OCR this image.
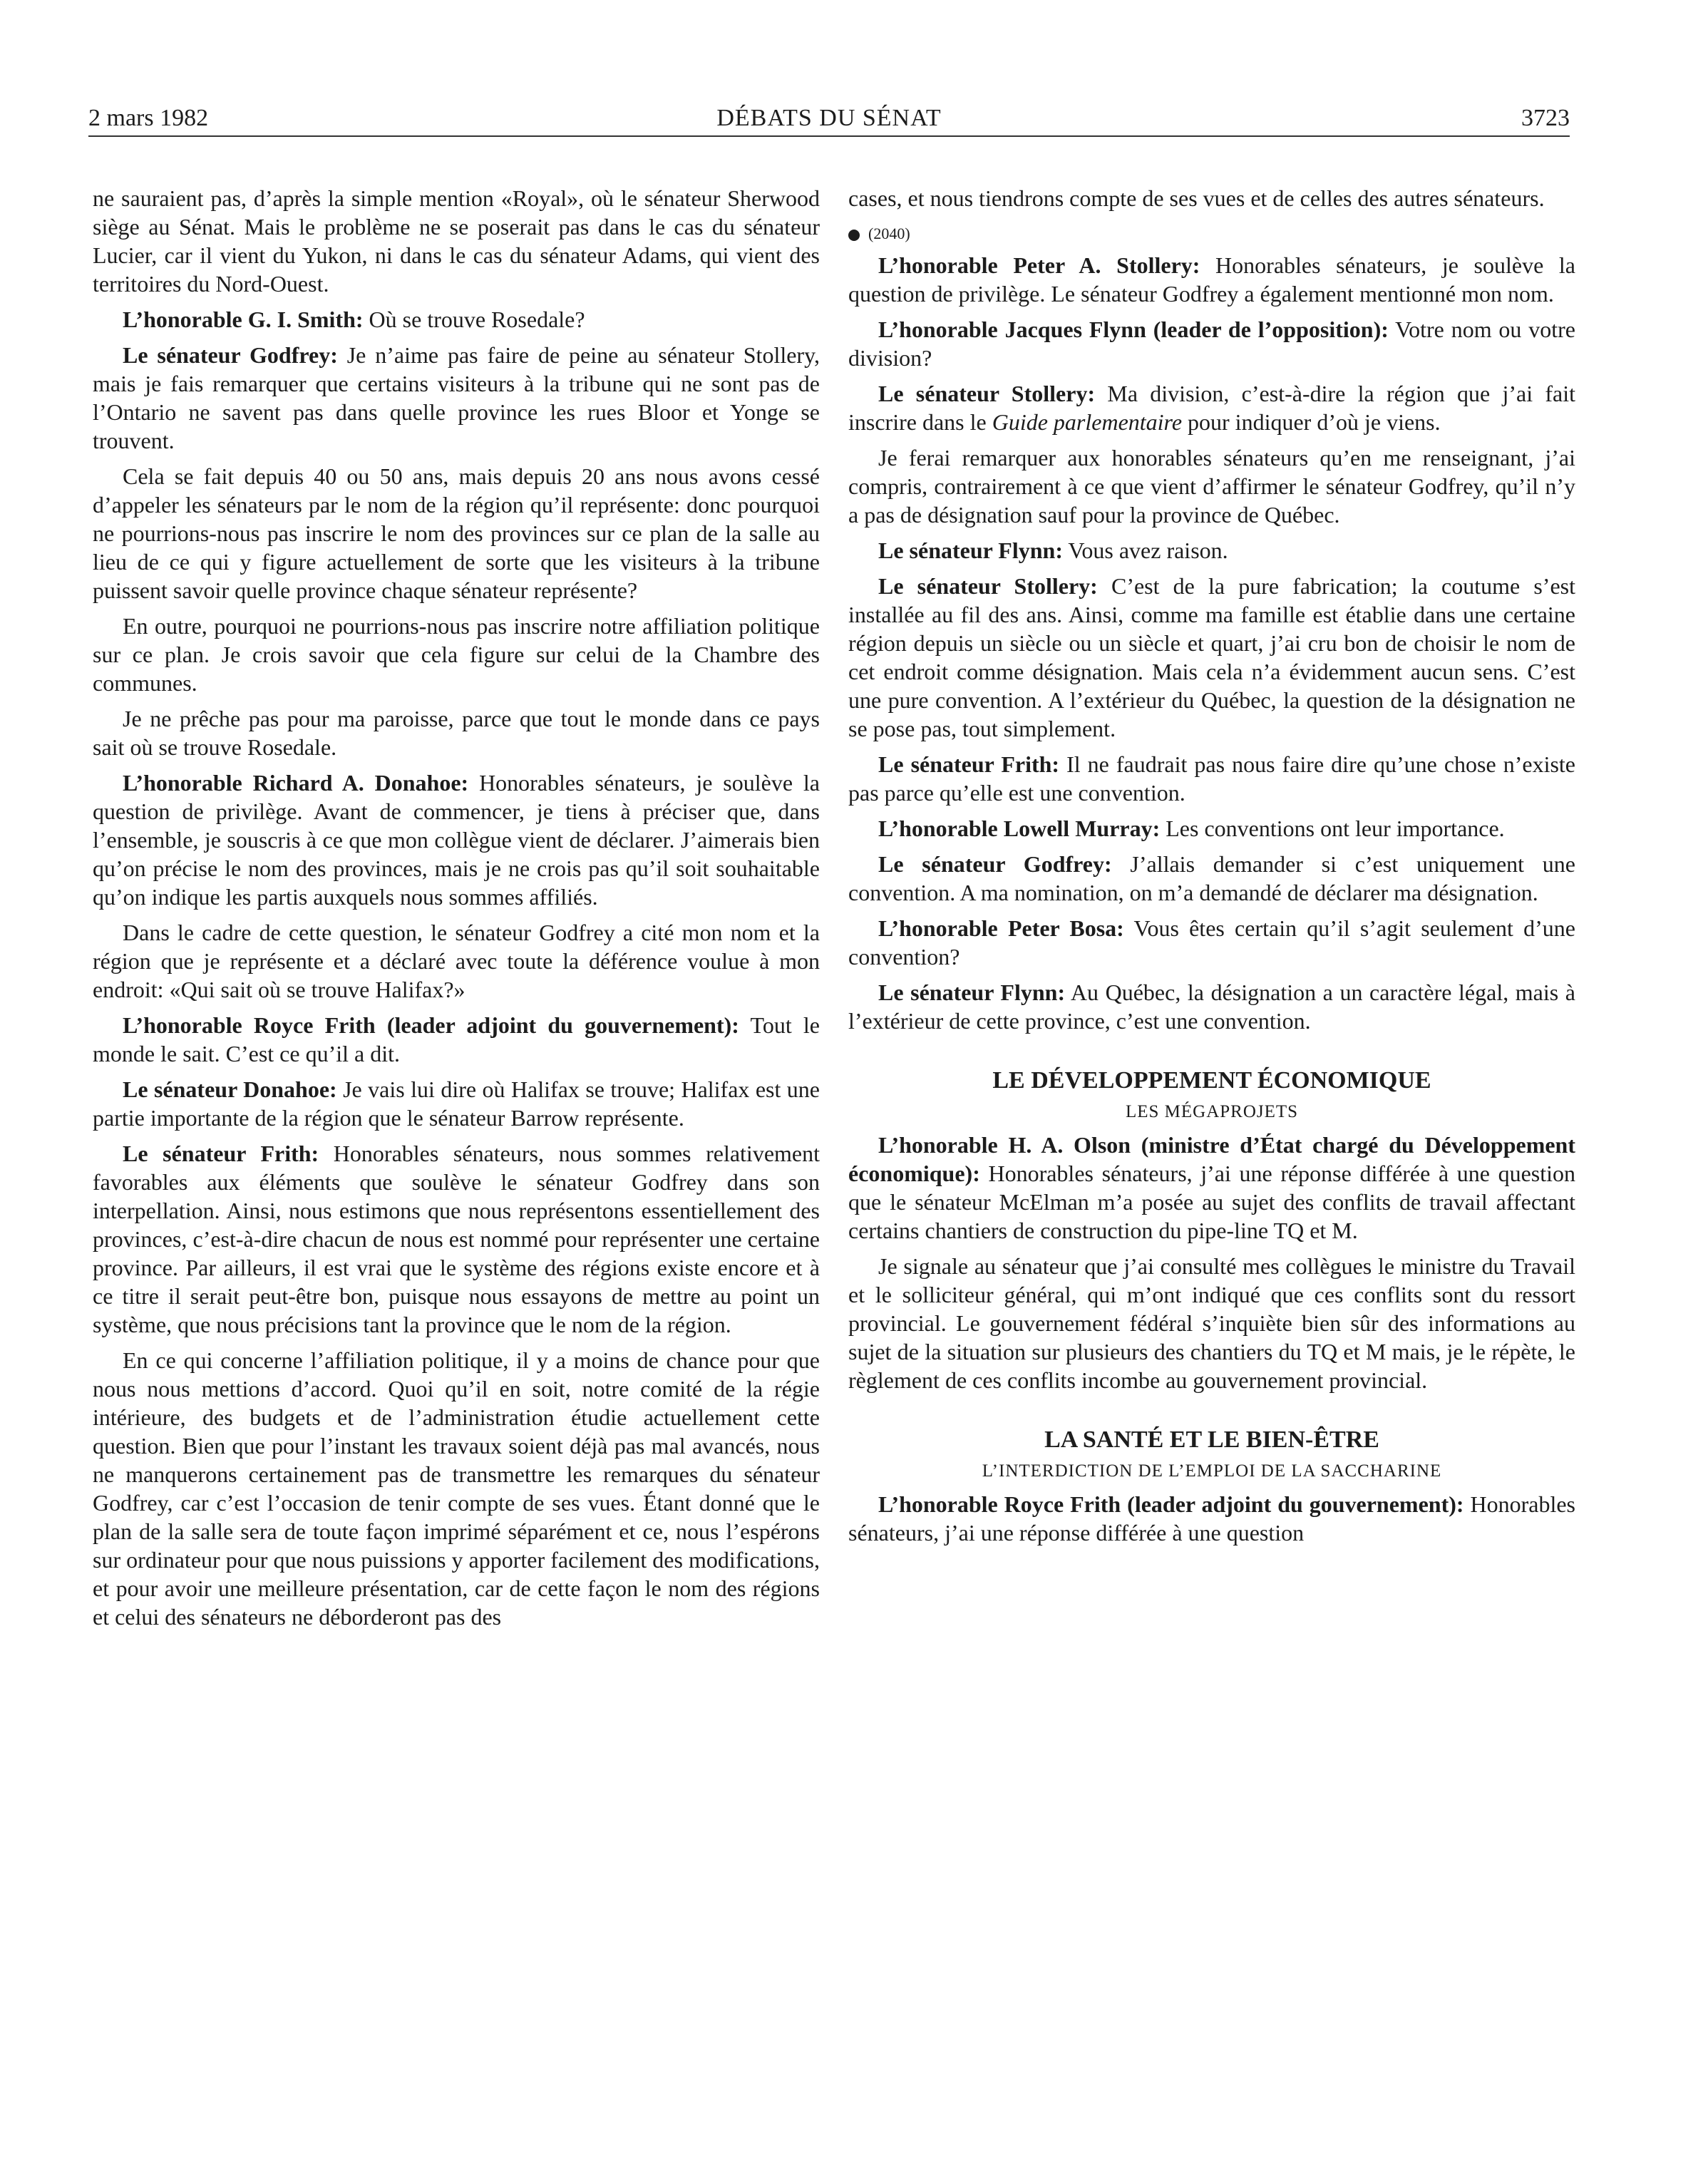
2 mars 1982	DÉBATS DU SÉNAT	3723

ne sauraient pas, d’après la simple mention «Royal», où le sénateur Sherwood siège au Sénat. Mais le problème ne se poserait pas dans le cas du sénateur Lucier, car il vient du Yukon, ni dans le cas du sénateur Adams, qui vient des territoires du Nord-Ouest.

L’honorable G. I. Smith: Où se trouve Rosedale?

Le sénateur Godfrey: Je n’aime pas faire de peine au sénateur Stollery, mais je fais remarquer que certains visiteurs à la tribune qui ne sont pas de l’Ontario ne savent pas dans quelle province les rues Bloor et Yonge se trouvent.

Cela se fait depuis 40 ou 50 ans, mais depuis 20 ans nous avons cessé d’appeler les sénateurs par le nom de la région qu’il représente: donc pourquoi ne pourrions-nous pas inscrire le nom des provinces sur ce plan de la salle au lieu de ce qui y figure actuellement de sorte que les visiteurs à la tribune puissent savoir quelle province chaque sénateur représente?

En outre, pourquoi ne pourrions-nous pas inscrire notre affiliation politique sur ce plan. Je crois savoir que cela figure sur celui de la Chambre des communes.

Je ne prêche pas pour ma paroisse, parce que tout le monde dans ce pays sait où se trouve Rosedale.

L’honorable Richard A. Donahoe: Honorables sénateurs, je soulève la question de privilège. Avant de commencer, je tiens à préciser que, dans l’ensemble, je souscris à ce que mon collègue vient de déclarer. J’aimerais bien qu’on précise le nom des provinces, mais je ne crois pas qu’il soit souhaitable qu’on indique les partis auxquels nous sommes affiliés.

Dans le cadre de cette question, le sénateur Godfrey a cité mon nom et la région que je représente et a déclaré avec toute la déférence voulue à mon endroit: «Qui sait où se trouve Halifax?»

L’honorable Royce Frith (leader adjoint du gouvernement): Tout le monde le sait. C’est ce qu’il a dit.

Le sénateur Donahoe: Je vais lui dire où Halifax se trouve; Halifax est une partie importante de la région que le sénateur Barrow représente.

Le sénateur Frith: Honorables sénateurs, nous sommes relativement favorables aux éléments que soulève le sénateur Godfrey dans son interpellation. Ainsi, nous estimons que nous représentons essentiellement des provinces, c’est-à-dire chacun de nous est nommé pour représenter une certaine province. Par ailleurs, il est vrai que le système des régions existe encore et à ce titre il serait peut-être bon, puisque nous essayons de mettre au point un système, que nous précisions tant la province que le nom de la région.

En ce qui concerne l’affiliation politique, il y a moins de chance pour que nous nous mettions d’accord. Quoi qu’il en soit, notre comité de la régie intérieure, des budgets et de l’administration étudie actuellement cette question. Bien que pour l’instant les travaux soient déjà pas mal avancés, nous ne manquerons certainement pas de transmettre les remarques du sénateur Godfrey, car c’est l’occasion de tenir compte de ses vues. Étant donné que le plan de la salle sera de toute façon imprimé séparément et ce, nous l’espérons sur ordinateur pour que nous puissions y apporter facilement des modifications, et pour avoir une meilleure présentation, car de cette façon le nom des régions et celui des sénateurs ne déborderont pas des

cases, et nous tiendrons compte de ses vues et de celles des autres sénateurs.

(2040)

L’honorable Peter A. Stollery: Honorables sénateurs, je soulève la question de privilège. Le sénateur Godfrey a également mentionné mon nom.

L’honorable Jacques Flynn (leader de l’opposition): Votre nom ou votre division?

Le sénateur Stollery: Ma division, c’est-à-dire la région que j’ai fait inscrire dans le Guide parlementaire pour indiquer d’où je viens.

Je ferai remarquer aux honorables sénateurs qu’en me renseignant, j’ai compris, contrairement à ce que vient d’affirmer le sénateur Godfrey, qu’il n’y a pas de désignation sauf pour la province de Québec.

Le sénateur Flynn: Vous avez raison.

Le sénateur Stollery: C’est de la pure fabrication; la coutume s’est installée au fil des ans. Ainsi, comme ma famille est établie dans une certaine région depuis un siècle ou un siècle et quart, j’ai cru bon de choisir le nom de cet endroit comme désignation. Mais cela n’a évidemment aucun sens. C’est une pure convention. A l’extérieur du Québec, la question de la désignation ne se pose pas, tout simplement.

Le sénateur Frith: Il ne faudrait pas nous faire dire qu’une chose n’existe pas parce qu’elle est une convention.

L’honorable Lowell Murray: Les conventions ont leur importance.

Le sénateur Godfrey: J’allais demander si c’est uniquement une convention. A ma nomination, on m’a demandé de déclarer ma désignation.

L’honorable Peter Bosa: Vous êtes certain qu’il s’agit seulement d’une convention?

Le sénateur Flynn: Au Québec, la désignation a un caractère légal, mais à l’extérieur de cette province, c’est une convention.

LE DÉVELOPPEMENT ÉCONOMIQUE
LES MÉGAPROJETS

L’honorable H. A. Olson (ministre d’État chargé du Développement économique): Honorables sénateurs, j’ai une réponse différée à une question que le sénateur McElman m’a posée au sujet des conflits de travail affectant certains chantiers de construction du pipe-line TQ et M.

Je signale au sénateur que j’ai consulté mes collègues le ministre du Travail et le solliciteur général, qui m’ont indiqué que ces conflits sont du ressort provincial. Le gouvernement fédéral s’inquiète bien sûr des informations au sujet de la situation sur plusieurs des chantiers du TQ et M mais, je le répète, le règlement de ces conflits incombe au gouvernement provincial.

LA SANTÉ ET LE BIEN-ÊTRE
L’INTERDICTION DE L’EMPLOI DE LA SACCHARINE

L’honorable Royce Frith (leader adjoint du gouvernement): Honorables sénateurs, j’ai une réponse différée à une question
